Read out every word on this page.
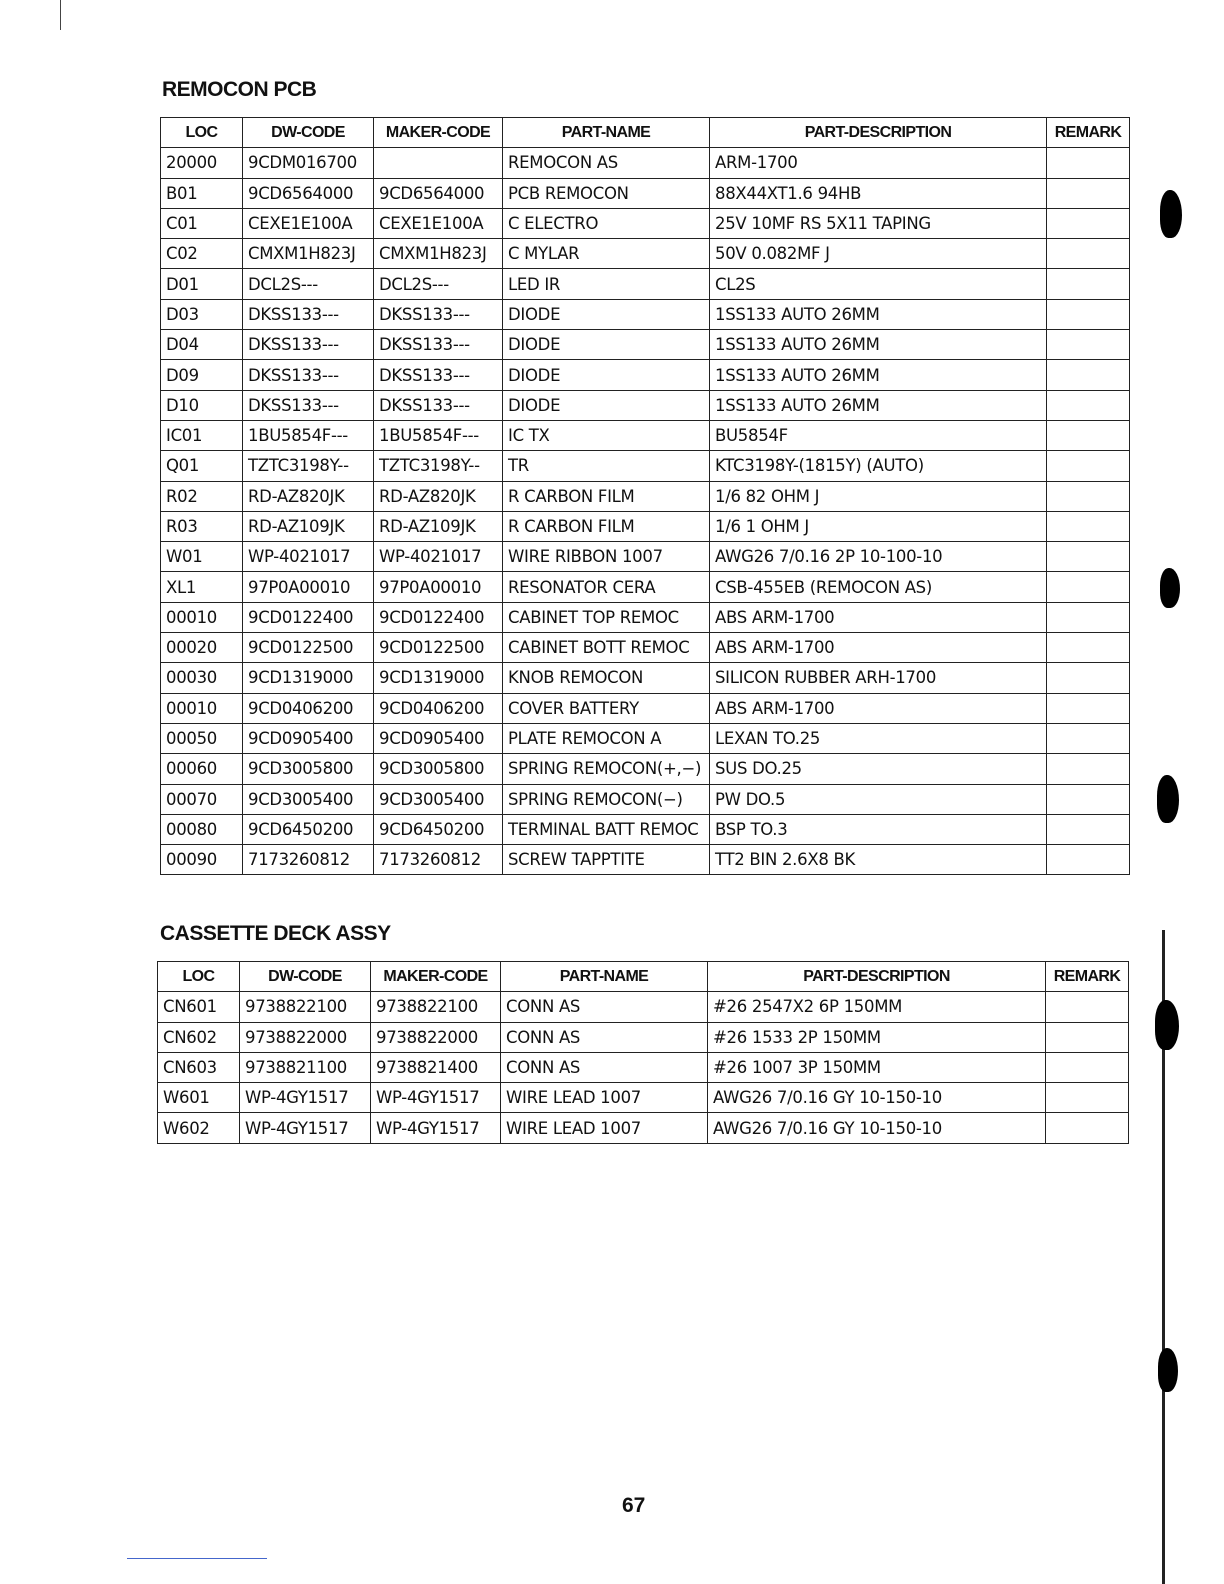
REMOCON PCB
LOC	DW-CODE	MAKER-CODE	PART-NAME	PART-DESCRIPTION	REMARK
20000	9CDM016700		REMOCON AS	ARM-1700	
B01	9CD6564000	9CD6564000	PCB REMOCON	88X44XT1.6 94HB	
C01	CEXE1E100A	CEXE1E100A	C ELECTRO	25V 10MF RS 5X11 TAPING	
C02	CMXM1H823J	CMXM1H823J	C MYLAR	50V 0.082MF J	
D01	DCL2S---	DCL2S---	LED IR	CL2S	
D03	DKSS133---	DKSS133---	DIODE	1SS133 AUTO 26MM	
D04	DKSS133---	DKSS133---	DIODE	1SS133 AUTO 26MM	
D09	DKSS133---	DKSS133---	DIODE	1SS133 AUTO 26MM	
D10	DKSS133---	DKSS133---	DIODE	1SS133 AUTO 26MM	
IC01	1BU5854F---	1BU5854F---	IC TX	BU5854F	
Q01	TZTC3198Y--	TZTC3198Y--	TR	KTC3198Y-(1815Y) (AUTO)	
R02	RD-AZ820JK	RD-AZ820JK	R CARBON FILM	1/6 82 OHM J	
R03	RD-AZ109JK	RD-AZ109JK	R CARBON FILM	1/6 1 OHM J	
W01	WP-4021017	WP-4021017	WIRE RIBBON 1007	AWG26 7/0.16 2P 10-100-10	
XL1	97P0A00010	97P0A00010	RESONATOR CERA	CSB-455EB (REMOCON AS)	
00010	9CD0122400	9CD0122400	CABINET TOP REMOC	ABS ARM-1700	
00020	9CD0122500	9CD0122500	CABINET BOTT REMOC	ABS ARM-1700	
00030	9CD1319000	9CD1319000	KNOB REMOCON	SILICON RUBBER ARH-1700	
00010	9CD0406200	9CD0406200	COVER BATTERY	ABS ARM-1700	
00050	9CD0905400	9CD0905400	PLATE REMOCON A	LEXAN TO.25	
00060	9CD3005800	9CD3005800	SPRING REMOCON(+,−)	SUS DO.25	
00070	9CD3005400	9CD3005400	SPRING REMOCON(−)	PW DO.5	
00080	9CD6450200	9CD6450200	TERMINAL BATT REMOC	BSP TO.3	
00090	7173260812	7173260812	SCREW TAPPTITE	TT2 BIN 2.6X8 BK	
CASSETTE DECK ASSY
LOC	DW-CODE	MAKER-CODE	PART-NAME	PART-DESCRIPTION	REMARK
CN601	9738822100	9738822100	CONN AS	#26 2547X2 6P 150MM	
CN602	9738822000	9738822000	CONN AS	#26 1533 2P 150MM	
CN603	9738821100	9738821400	CONN AS	#26 1007 3P 150MM	
W601	WP-4GY1517	WP-4GY1517	WIRE LEAD 1007	AWG26 7/0.16 GY 10-150-10	
W602	WP-4GY1517	WP-4GY1517	WIRE LEAD 1007	AWG26 7/0.16 GY 10-150-10	
67
